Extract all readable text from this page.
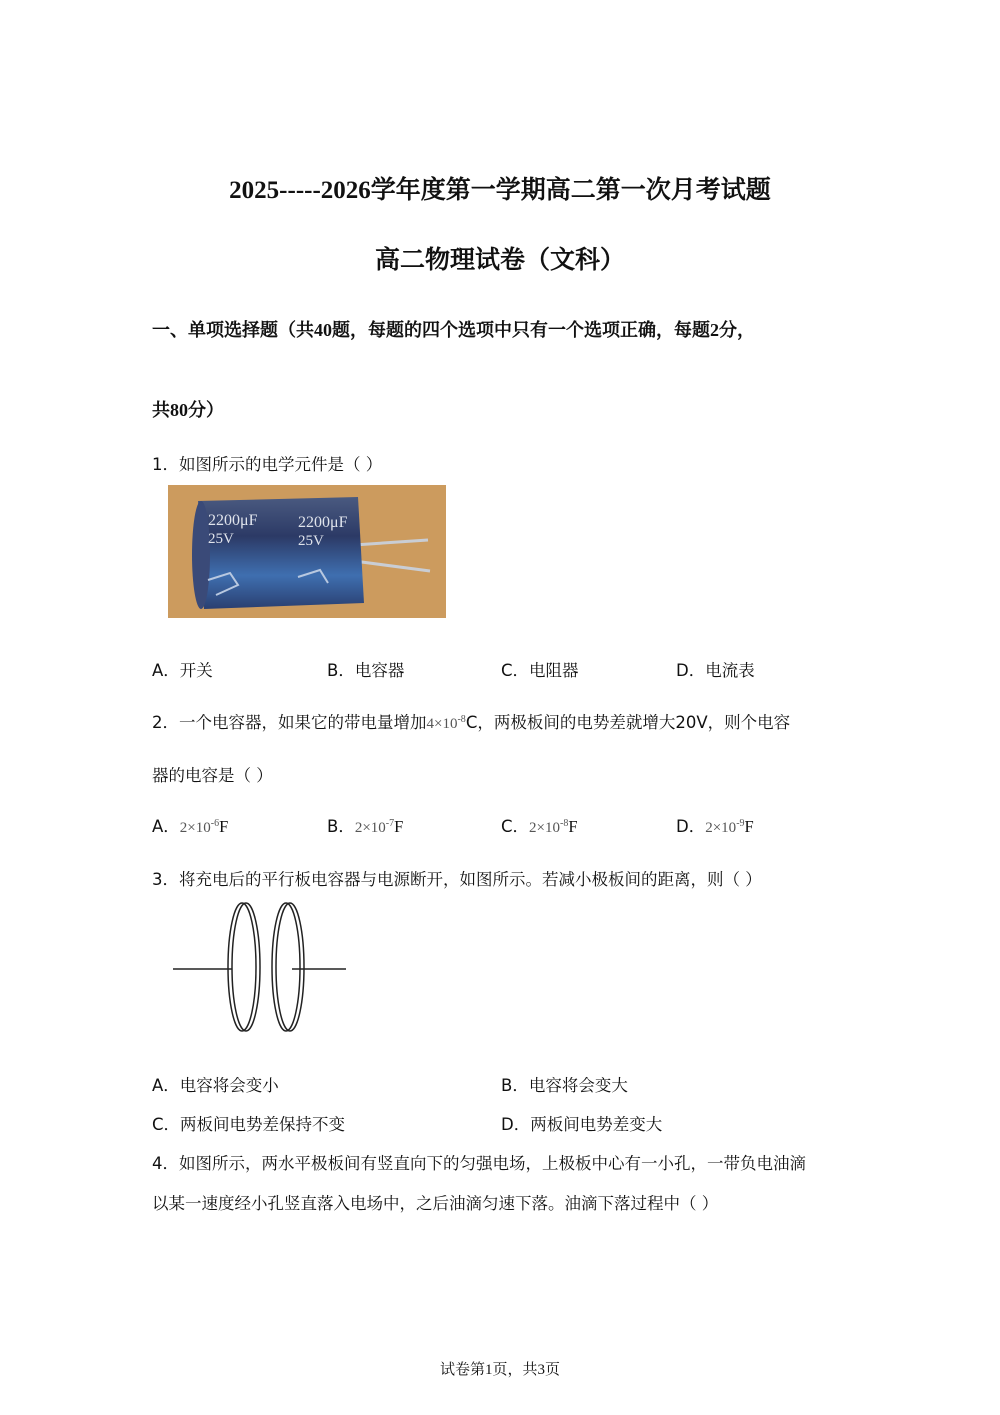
2025-----2026学年度第一学期高二第一次月考试题
高二物理试卷（文科）
一、单项选择题（共40题，每题的四个选项中只有一个选项正确，每题2分，
共80分）
1．如图所示的电学元件是（ ）
2200μF
25V
2200μF
25V
A．开关	B．电容器	C．电阻器	D．电流表
2．一个电容器，如果它的带电量增加$4\times 10^{-8}C$，两极板间的电势差就增大20V，则个电容
器的电容是（ ）
A．$2\times 10^{-6}F$	B．$2\times 10^{-7}F$	C．$2\times 10^{-8}F$	D．$2\times 10^{-9}F$
3．将充电后的平行板电容器与电源断开，如图所示。若减小极板间的距离，则（ ）
A．电容将会变小	B．电容将会变大
C．两板间电势差保持不变	D．两板间电势差变大
4．如图所示，两水平极板间有竖直向下的匀强电场，上极板中心有一小孔，一带负电油滴
以某一速度经小孔竖直落入电场中，之后油滴匀速下落。油滴下落过程中（ ）
试卷第1页，共3页
